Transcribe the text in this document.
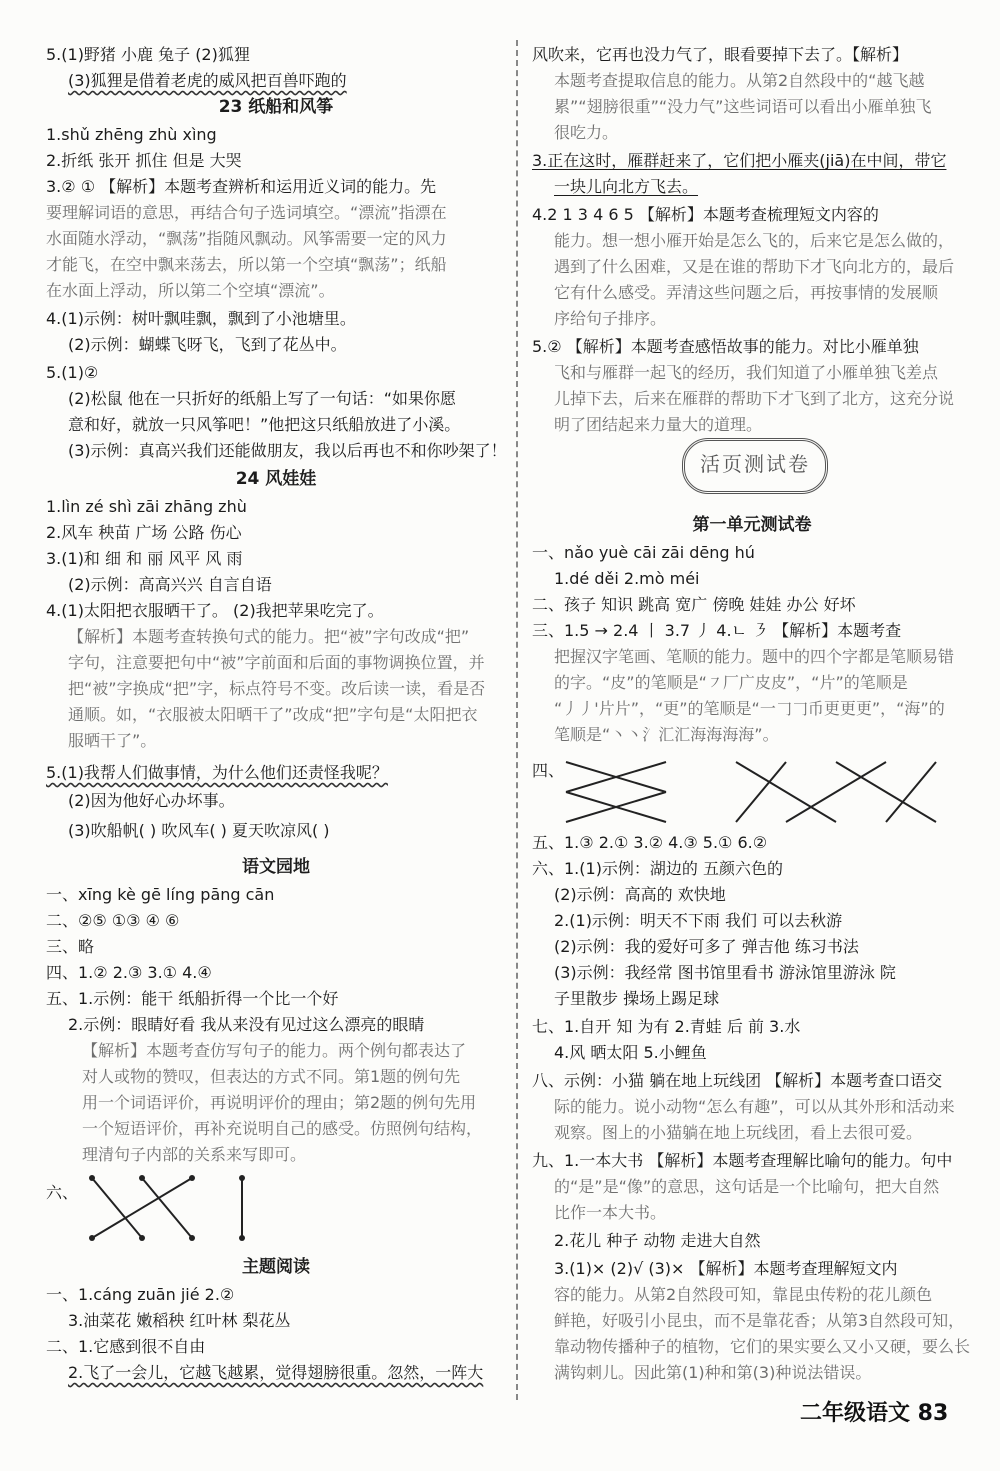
5.(1)野猪 小鹿 兔子 (2)狐狸
(3)狐狸是借着老虎的威风把百兽吓跑的
23 纸船和风筝
1.shǔ zhēng zhù xìng
2.折纸 张开 抓住 但是 大哭
3.② ① 【解析】本题考查辨析和运用近义词的能力。先
要理解词语的意思，再结合句子选词填空。“漂流”指漂在
水面随水浮动，“飘荡”指随风飘动。风筝需要一定的风力
才能飞，在空中飘来荡去，所以第一个空填“飘荡”；纸船
在水面上浮动，所以第二个空填“漂流”。
4.(1)示例：树叶飘哇飘，飘到了小池塘里。
(2)示例：蝴蝶飞呀飞，飞到了花丛中。
5.(1)②
(2)松鼠 他在一只折好的纸船上写了一句话：“如果你愿
意和好，就放一只风筝吧！”他把这只纸船放进了小溪。
(3)示例：真高兴我们还能做朋友，我以后再也不和你吵架了！
24 风娃娃
1.lìn zé shì zāi zhāng zhù
2.风车 秧苗 广场 公路 伤心
3.(1)和 细 和 丽 风平 风 雨
(2)示例：高高兴兴 自言自语
4.(1)太阳把衣服晒干了。 (2)我把苹果吃完了。
【解析】本题考查转换句式的能力。把“被”字句改成“把”
字句，注意要把句中“被”字前面和后面的事物调换位置，并
把“被”字换成“把”字，标点符号不变。改后读一读，看是否
通顺。如，“衣服被太阳晒干了”改成“把”字句是“太阳把衣
服晒干了”。
5.(1)我帮人们做事情，为什么他们还责怪我呢？
(2)因为他好心办坏事。
(3)吹船帆( ) 吹风车( ) 夏天吹凉风( )
语文园地
一、xīng kè gē líng pāng cān
二、②⑤ ①③ ④ ⑥
三、略
四、1.② 2.③ 3.① 4.④
五、1.示例：能干 纸船折得一个比一个好
2.示例：眼睛好看 我从来没有见过这么漂亮的眼睛
【解析】本题考查仿写句子的能力。两个例句都表达了
对人或物的赞叹，但表达的方式不同。第1题的例句先
用一个词语评价，再说明评价的理由；第2题的例句先用
一个短语评价，再补充说明自己的感受。仿照例句结构，
理清句子内部的关系来写即可。
六、
主题阅读
一、1.cáng zuān jié 2.②
3.油菜花 嫩稻秧 红叶林 梨花丛
二、1.它感到很不自由
2.飞了一会儿，它越飞越累，觉得翅膀很重。忽然，一阵大
风吹来，它再也没力气了，眼看要掉下去了。【解析】
本题考查提取信息的能力。从第2自然段中的“越飞越
累”“翅膀很重”“没力气”这些词语可以看出小雁单独飞
很吃力。
3.正在这时，雁群赶来了，它们把小雁夹(jiā)在中间，带它
一块儿向北方飞去。
4.2 1 3 4 6 5 【解析】本题考查梳理短文内容的
能力。想一想小雁开始是怎么飞的，后来它是怎么做的，
遇到了什么困难，又是在谁的帮助下才飞向北方的，最后
它有什么感受。弄清这些问题之后，再按事情的发展顺
序给句子排序。
5.② 【解析】本题考查感悟故事的能力。对比小雁单独
飞和与雁群一起飞的经历，我们知道了小雁单独飞差点
儿掉下去，后来在雁群的帮助下才飞到了北方，这充分说
明了团结起来力量大的道理。
活页测试卷
第一单元测试卷
一、nǎo yuè cāi zāi dēng hú
1.dé děi 2.mò méi
二、孩子 知识 跳高 宽广 傍晚 娃娃 办公 好坏
三、1.5 → 2.4 丨 3.7 丿 4.ㄴ ㇋ 【解析】本题考查
把握汉字笔画、笔顺的能力。题中的四个字都是笔顺易错
的字。“皮”的笔顺是“㇇厂广皮皮”，“片”的笔顺是
“丿丿'片片”，“更”的笔顺是“一𠃌𠃌币更更更”，“海”的
笔顺是“丶丶氵汇汇海海海海”。
四、
五、1.③ 2.① 3.② 4.③ 5.① 6.②
六、1.(1)示例：湖边的 五颜六色的
(2)示例：高高的 欢快地
2.(1)示例：明天不下雨 我们 可以去秋游
(2)示例：我的爱好可多了 弹吉他 练习书法
(3)示例：我经常 图书馆里看书 游泳馆里游泳 院
子里散步 操场上踢足球
七、1.自开 知 为有 2.青蛙 后 前 3.水
4.风 晒太阳 5.小鲤鱼
八、示例：小猫 躺在地上玩线团 【解析】本题考查口语交
际的能力。说小动物“怎么有趣”，可以从其外形和活动来
观察。图上的小猫躺在地上玩线团，看上去很可爱。
九、1.一本大书 【解析】本题考查理解比喻句的能力。句中
的“是”是“像”的意思，这句话是一个比喻句，把大自然
比作一本大书。
2.花儿 种子 动物 走进大自然
3.(1)× (2)√ (3)× 【解析】本题考查理解短文内
容的能力。从第2自然段可知，靠昆虫传粉的花儿颜色
鲜艳，好吸引小昆虫，而不是靠花香；从第3自然段可知，
靠动物传播种子的植物，它们的果实要么又小又硬，要么长
满钩刺儿。因此第(1)种和第(3)种说法错误。
二年级语文 83
